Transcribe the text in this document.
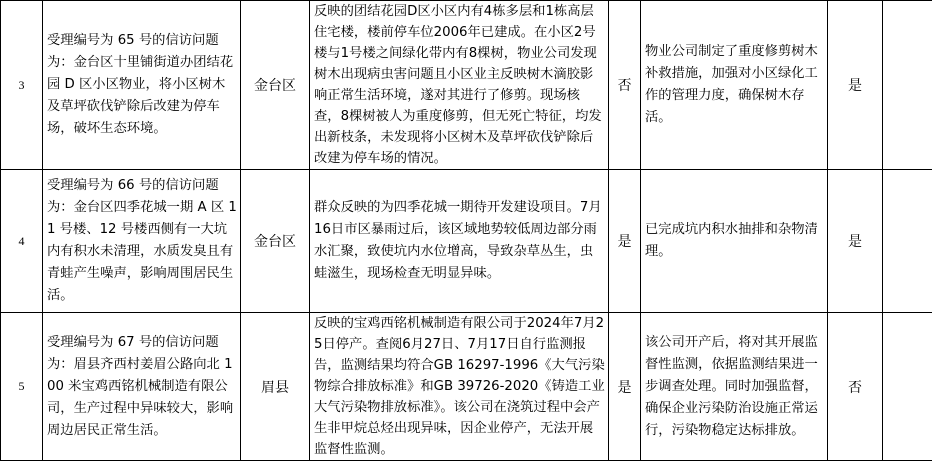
3	受理编号为 65 号的信访问题为：金台区十里铺街道办团结花园 D 区小区物业，将小区树木及草坪砍伐铲除后改建为停车场，破坏生态环境。	金台区	反映的团结花园D区小区内有4栋多层和1栋高层住宅楼，楼前停车位2006年已建成。在小区2号楼与1号楼之间绿化带内有8棵树，物业公司发现树木出现病虫害问题且小区业主反映树木滴胶影响正常生活环境，遂对其进行了修剪。现场核查，8棵树被人为重度修剪，但无死亡特征，均发出新枝条，未发现将小区树木及草坪砍伐铲除后改建为停车场的情况。	否	物业公司制定了重度修剪树木补救措施，加强对小区绿化工作的管理力度，确保树木存活。	是	
4	受理编号为 66 号的信访问题为：金台区四季花城一期 A 区 11 号楼、12 号楼西侧有一大坑内有积水未清理，水质发臭且有青蛙产生噪声，影响周围居民生活。	金台区	群众反映的为四季花城一期待开发建设项目。7月16日市区暴雨过后，该区域地势较低周边部分雨水汇聚，致使坑内水位增高，导致杂草丛生，虫蛙滋生，现场检查无明显异味。	是	已完成坑内积水抽排和杂物清理。	是	
5	受理编号为 67 号的信访问题为：眉县齐西村姜眉公路向北 100 米宝鸡西铭机械制造有限公司，生产过程中异味较大，影响周边居民正常生活。	眉县	反映的宝鸡西铭机械制造有限公司于2024年7月25日停产。查阅6月27日、7月17日自行监测报告，监测结果均符合GB 16297-1996《大气污染物综合排放标准》和GB 39726-2020《铸造工业大气污染物排放标准》。该公司在浇筑过程中会产生非甲烷总烃出现异味，因企业停产，无法开展监督性监测。	是	该公司开产后，将对其开展监督性监测，依据监测结果进一步调查处理。同时加强监督，确保企业污染防治设施正常运行，污染物稳定达标排放。	否	
